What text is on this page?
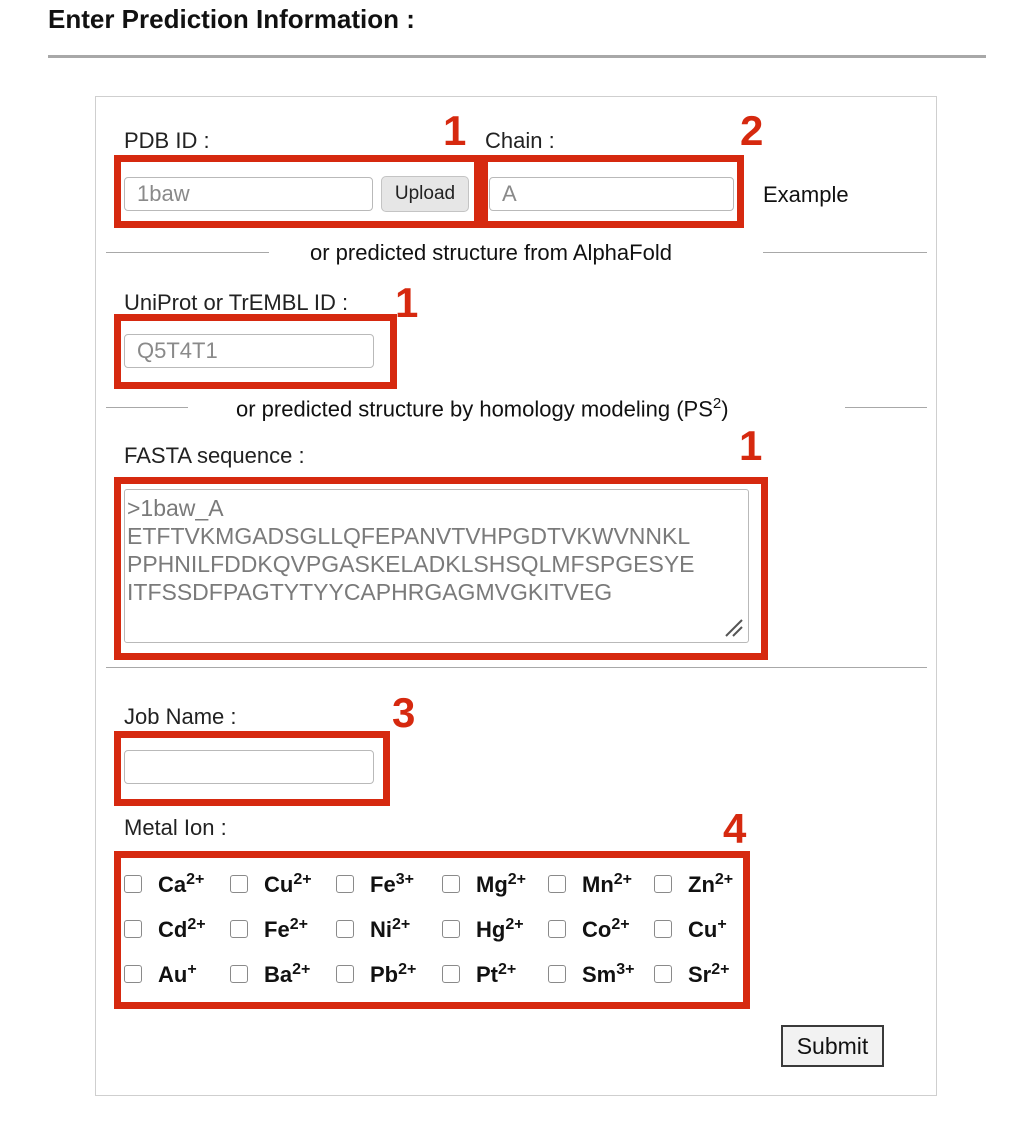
Enter Prediction Information :
PDB ID :	1
1baw	Upload
Chain :	2
A	Example
or predicted structure from AlphaFold
UniProt or TrEMBL ID : 1
Q5T4T1
or predicted structure by homology modeling $(PS^2)$
FASTA sequence :	1
>1baw_A
ETFTVKMGADSGLLQFEPANVTVHPGDTVKWVNNKL
PPHNILFDDKQVPGASKELADKLSHSQLMFSPGESYE
ITFSSDFPAGTYTYYCAPHRGAGMVGKITVEG
Job Name :	3
Metal Ion :	4
$Ca^{2+}$	$Cu^{2+}$	$Fe^{3+}$	$Mg^{2+}$	$Mn^{2+}$	$Zn^{2+}$
$Cd^{2+}$	$Fe^{2+}$	$Ni^{2+}$	$Hg^{2+}$	$Co^{2+}$	Cu+
Au+	$Ba^{2+}$	$Pb^{2+}$	$Pt^{2+}$	$Sm^{3+}$ $Sr^{2+}$
Submit
